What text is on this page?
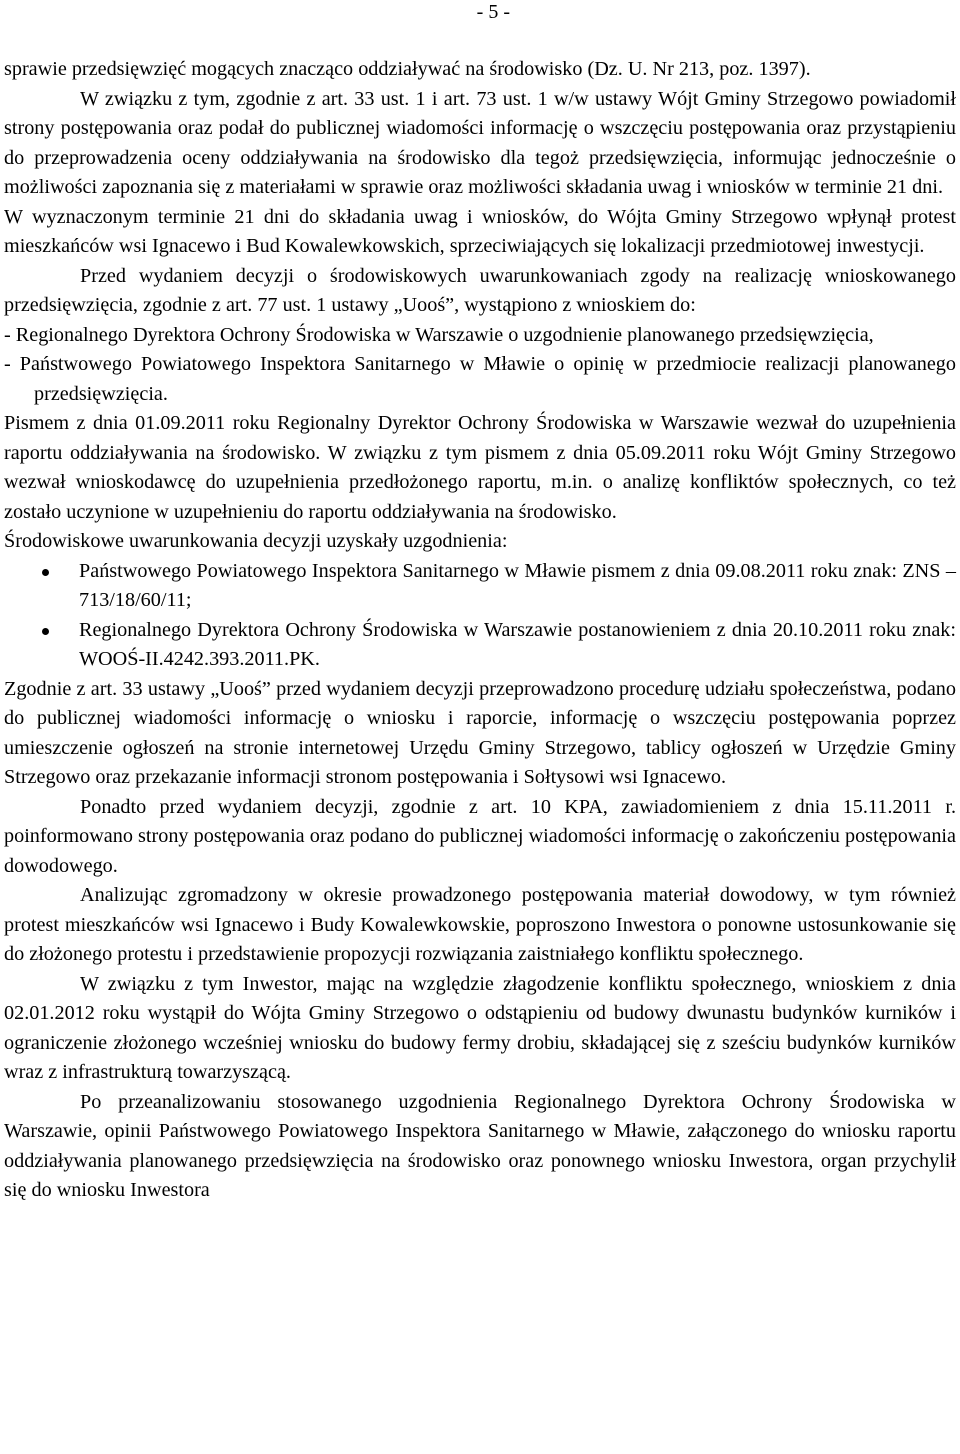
- 5 -

sprawie przedsięwzięć mogących znacząco oddziaływać na środowisko (Dz. U. Nr 213, poz. 1397).

W związku z tym, zgodnie z art. 33 ust. 1 i art. 73 ust. 1 w/w ustawy Wójt Gminy Strzegowo powiadomił strony postępowania oraz podał do publicznej wiadomości informację o wszczęciu postępowania oraz przystąpieniu do przeprowadzenia oceny oddziaływania na środowisko dla tegoż przedsięwzięcia, informując jednocześnie o możliwości zapoznania się z materiałami w sprawie oraz możliwości składania uwag i wniosków w terminie 21 dni.

W wyznaczonym terminie 21 dni do składania uwag i wniosków, do Wójta Gminy Strzegowo wpłynął protest mieszkańców wsi Ignacewo i Bud Kowalewkowskich, sprzeciwiających się lokalizacji przedmiotowej inwestycji.

Przed wydaniem decyzji o środowiskowych uwarunkowaniach zgody na realizację wnioskowanego przedsięwzięcia, zgodnie z art. 77 ust. 1 ustawy „Uooś”, wystąpiono z wnioskiem do:

- Regionalnego Dyrektora Ochrony Środowiska w Warszawie o uzgodnienie planowanego przedsięwzięcia,

- Państwowego Powiatowego Inspektora Sanitarnego w Mławie o opinię w przedmiocie realizacji planowanego przedsięwzięcia.

Pismem z dnia 01.09.2011 roku Regionalny Dyrektor Ochrony Środowiska w Warszawie wezwał do uzupełnienia raportu oddziaływania na środowisko. W związku z tym pismem z dnia 05.09.2011 roku Wójt Gminy Strzegowo wezwał wnioskodawcę do uzupełnienia przedłożonego raportu, m.in. o analizę konfliktów społecznych, co też zostało uczynione w uzupełnieniu do raportu oddziaływania na środowisko.

Środowiskowe uwarunkowania decyzji uzyskały uzgodnienia:

Państwowego Powiatowego Inspektora Sanitarnego w Mławie pismem z dnia 09.08.2011 roku znak: ZNS – 713/18/60/11;
Regionalnego Dyrektora Ochrony Środowiska w Warszawie postanowieniem z dnia 20.10.2011 roku znak: WOOŚ-II.4242.393.2011.PK.

Zgodnie z art. 33 ustawy „Uooś” przed wydaniem decyzji przeprowadzono procedurę udziału społeczeństwa, podano do publicznej wiadomości informację o wniosku i raporcie, informację o wszczęciu postępowania poprzez umieszczenie ogłoszeń na stronie internetowej Urzędu Gminy Strzegowo, tablicy ogłoszeń w Urzędzie Gminy Strzegowo oraz przekazanie informacji stronom postępowania i Sołtysowi wsi Ignacewo.

Ponadto przed wydaniem decyzji, zgodnie z art. 10 KPA, zawiadomieniem z dnia 15.11.2011 r. poinformowano strony postępowania oraz podano do publicznej wiadomości informację o zakończeniu postępowania dowodowego.

Analizując zgromadzony w okresie prowadzonego postępowania materiał dowodowy, w tym również protest mieszkańców wsi Ignacewo i Budy Kowalewkowskie, poproszono Inwestora o ponowne ustosunkowanie się do złożonego protestu i przedstawienie propozycji rozwiązania zaistniałego konfliktu społecznego.

W związku z tym Inwestor, mając na względzie złagodzenie konfliktu społecznego, wnioskiem z dnia 02.01.2012 roku wystąpił do Wójta Gminy Strzegowo o odstąpieniu od budowy dwunastu budynków kurników i ograniczenie złożonego wcześniej wniosku do budowy fermy drobiu, składającej się z sześciu budynków kurników wraz z infrastrukturą towarzyszącą.

Po przeanalizowaniu stosowanego uzgodnienia Regionalnego Dyrektora Ochrony Środowiska w Warszawie, opinii Państwowego Powiatowego Inspektora Sanitarnego w Mławie, załączonego do wniosku raportu oddziaływania planowanego przedsięwzięcia na środowisko oraz ponownego wniosku Inwestora, organ przychylił się do wniosku Inwestora
